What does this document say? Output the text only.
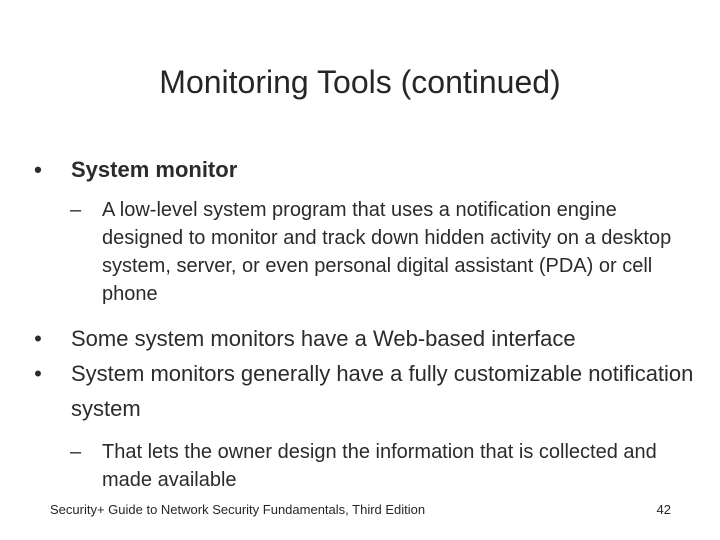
Monitoring Tools (continued)
• System monitor
–	A low-level system program that uses a notification engine designed to monitor and track down hidden activity on a desktop system, server, or even personal digital assistant (PDA) or cell phone
• Some system monitors have a Web-based interface
• System monitors generally have a fully customizable notification system
–	That lets the owner design the information that is collected and made available
Security+ Guide to Network Security Fundamentals, Third Edition	42
